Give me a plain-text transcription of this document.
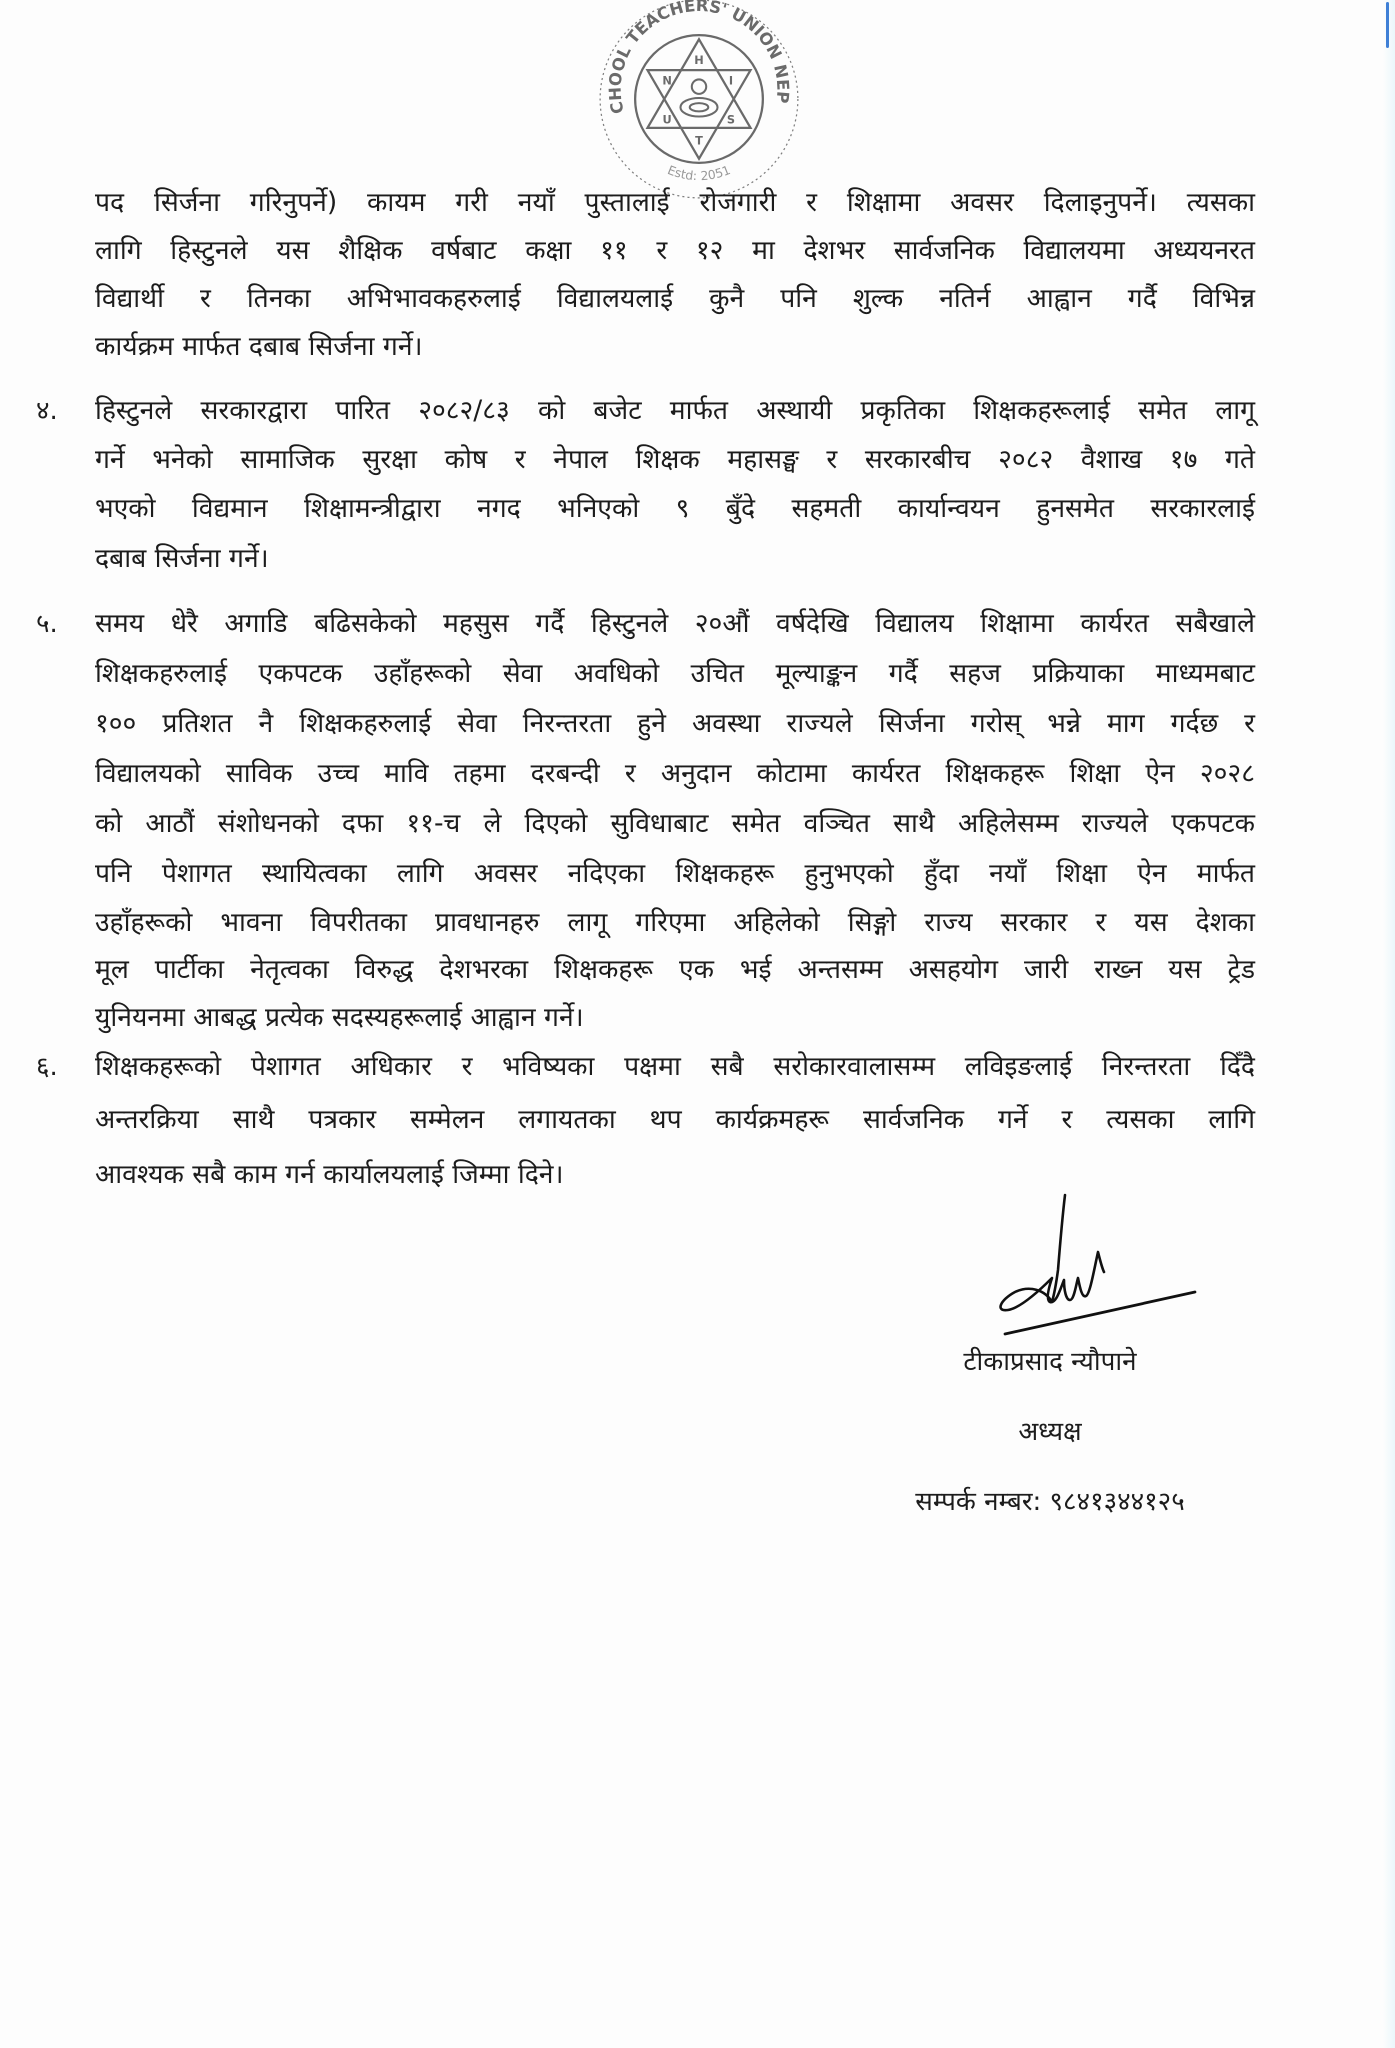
CHOOL TEACHERS' UNION NEP
Estd: 2051
H
I
S
T
U
N
पद सिर्जना गरिनुपर्ने) कायम गरी नयाँ पुस्तालाई रोजगारी र शिक्षामा अवसर दिलाइनुपर्ने। त्यसका
लागि हिस्टुनले यस शैक्षिक वर्षबाट कक्षा ११ र १२ मा देशभर सार्वजनिक विद्यालयमा अध्ययनरत
विद्यार्थी र तिनका अभिभावकहरुलाई विद्यालयलाई कुनै पनि शुल्क नतिर्न आह्वान गर्दै विभिन्न
कार्यक्रम मार्फत दबाब सिर्जना गर्ने।
४. हिस्टुनले सरकारद्वारा पारित २०८२/८३ को बजेट मार्फत अस्थायी प्रकृतिका शिक्षकहरूलाई समेत लागू
गर्ने भनेको सामाजिक सुरक्षा कोष र नेपाल शिक्षक महासङ्घ र सरकारबीच २०८२ वैशाख १७ गते
भएको विद्यमान शिक्षामन्त्रीद्वारा नगद भनिएको ९ बुँदे सहमती कार्यान्वयन हुनसमेत सरकारलाई
दबाब सिर्जना गर्ने।
५. समय धेरै अगाडि बढिसकेको महसुस गर्दै हिस्टुनले २०औं वर्षदेखि विद्यालय शिक्षामा कार्यरत सबैखाले
शिक्षकहरुलाई एकपटक उहाँहरूको सेवा अवधिको उचित मूल्याङ्कन गर्दै सहज प्रक्रियाका माध्यमबाट
१०० प्रतिशत नै शिक्षकहरुलाई सेवा निरन्तरता हुने अवस्था राज्यले सिर्जना गरोस् भन्ने माग गर्दछ र
विद्यालयको साविक उच्च मावि तहमा दरबन्दी र अनुदान कोटामा कार्यरत शिक्षकहरू शिक्षा ऐन २०२८
को आठौं संशोधनको दफा ११-च ले दिएको सुविधाबाट समेत वञ्चित साथै अहिलेसम्म राज्यले एकपटक
पनि पेशागत स्थायित्वका लागि अवसर नदिएका शिक्षकहरू हुनुभएको हुँदा नयाँ शिक्षा ऐन मार्फत
उहाँहरूको भावना विपरीतका प्रावधानहरु लागू गरिएमा अहिलेको सिङ्गो राज्य सरकार र यस देशका
मूल पार्टीका नेतृत्वका विरुद्ध देशभरका शिक्षकहरू एक भई अन्तसम्म असहयोग जारी राख्न यस ट्रेड
युनियनमा आबद्ध प्रत्येक सदस्यहरूलाई आह्वान गर्ने।
६. शिक्षकहरूको पेशागत अधिकार र भविष्यका पक्षमा सबै सरोकारवालासम्म लविइङलाई निरन्तरता दिँदै
अन्तरक्रिया साथै पत्रकार सम्मेलन लगायतका थप कार्यक्रमहरू सार्वजनिक गर्ने र त्यसका लागि
आवश्यक सबै काम गर्न कार्यालयलाई जिम्मा दिने।
टीकाप्रसाद न्यौपाने
अध्यक्ष
सम्पर्क नम्बर: ९८४१३४४१२५
